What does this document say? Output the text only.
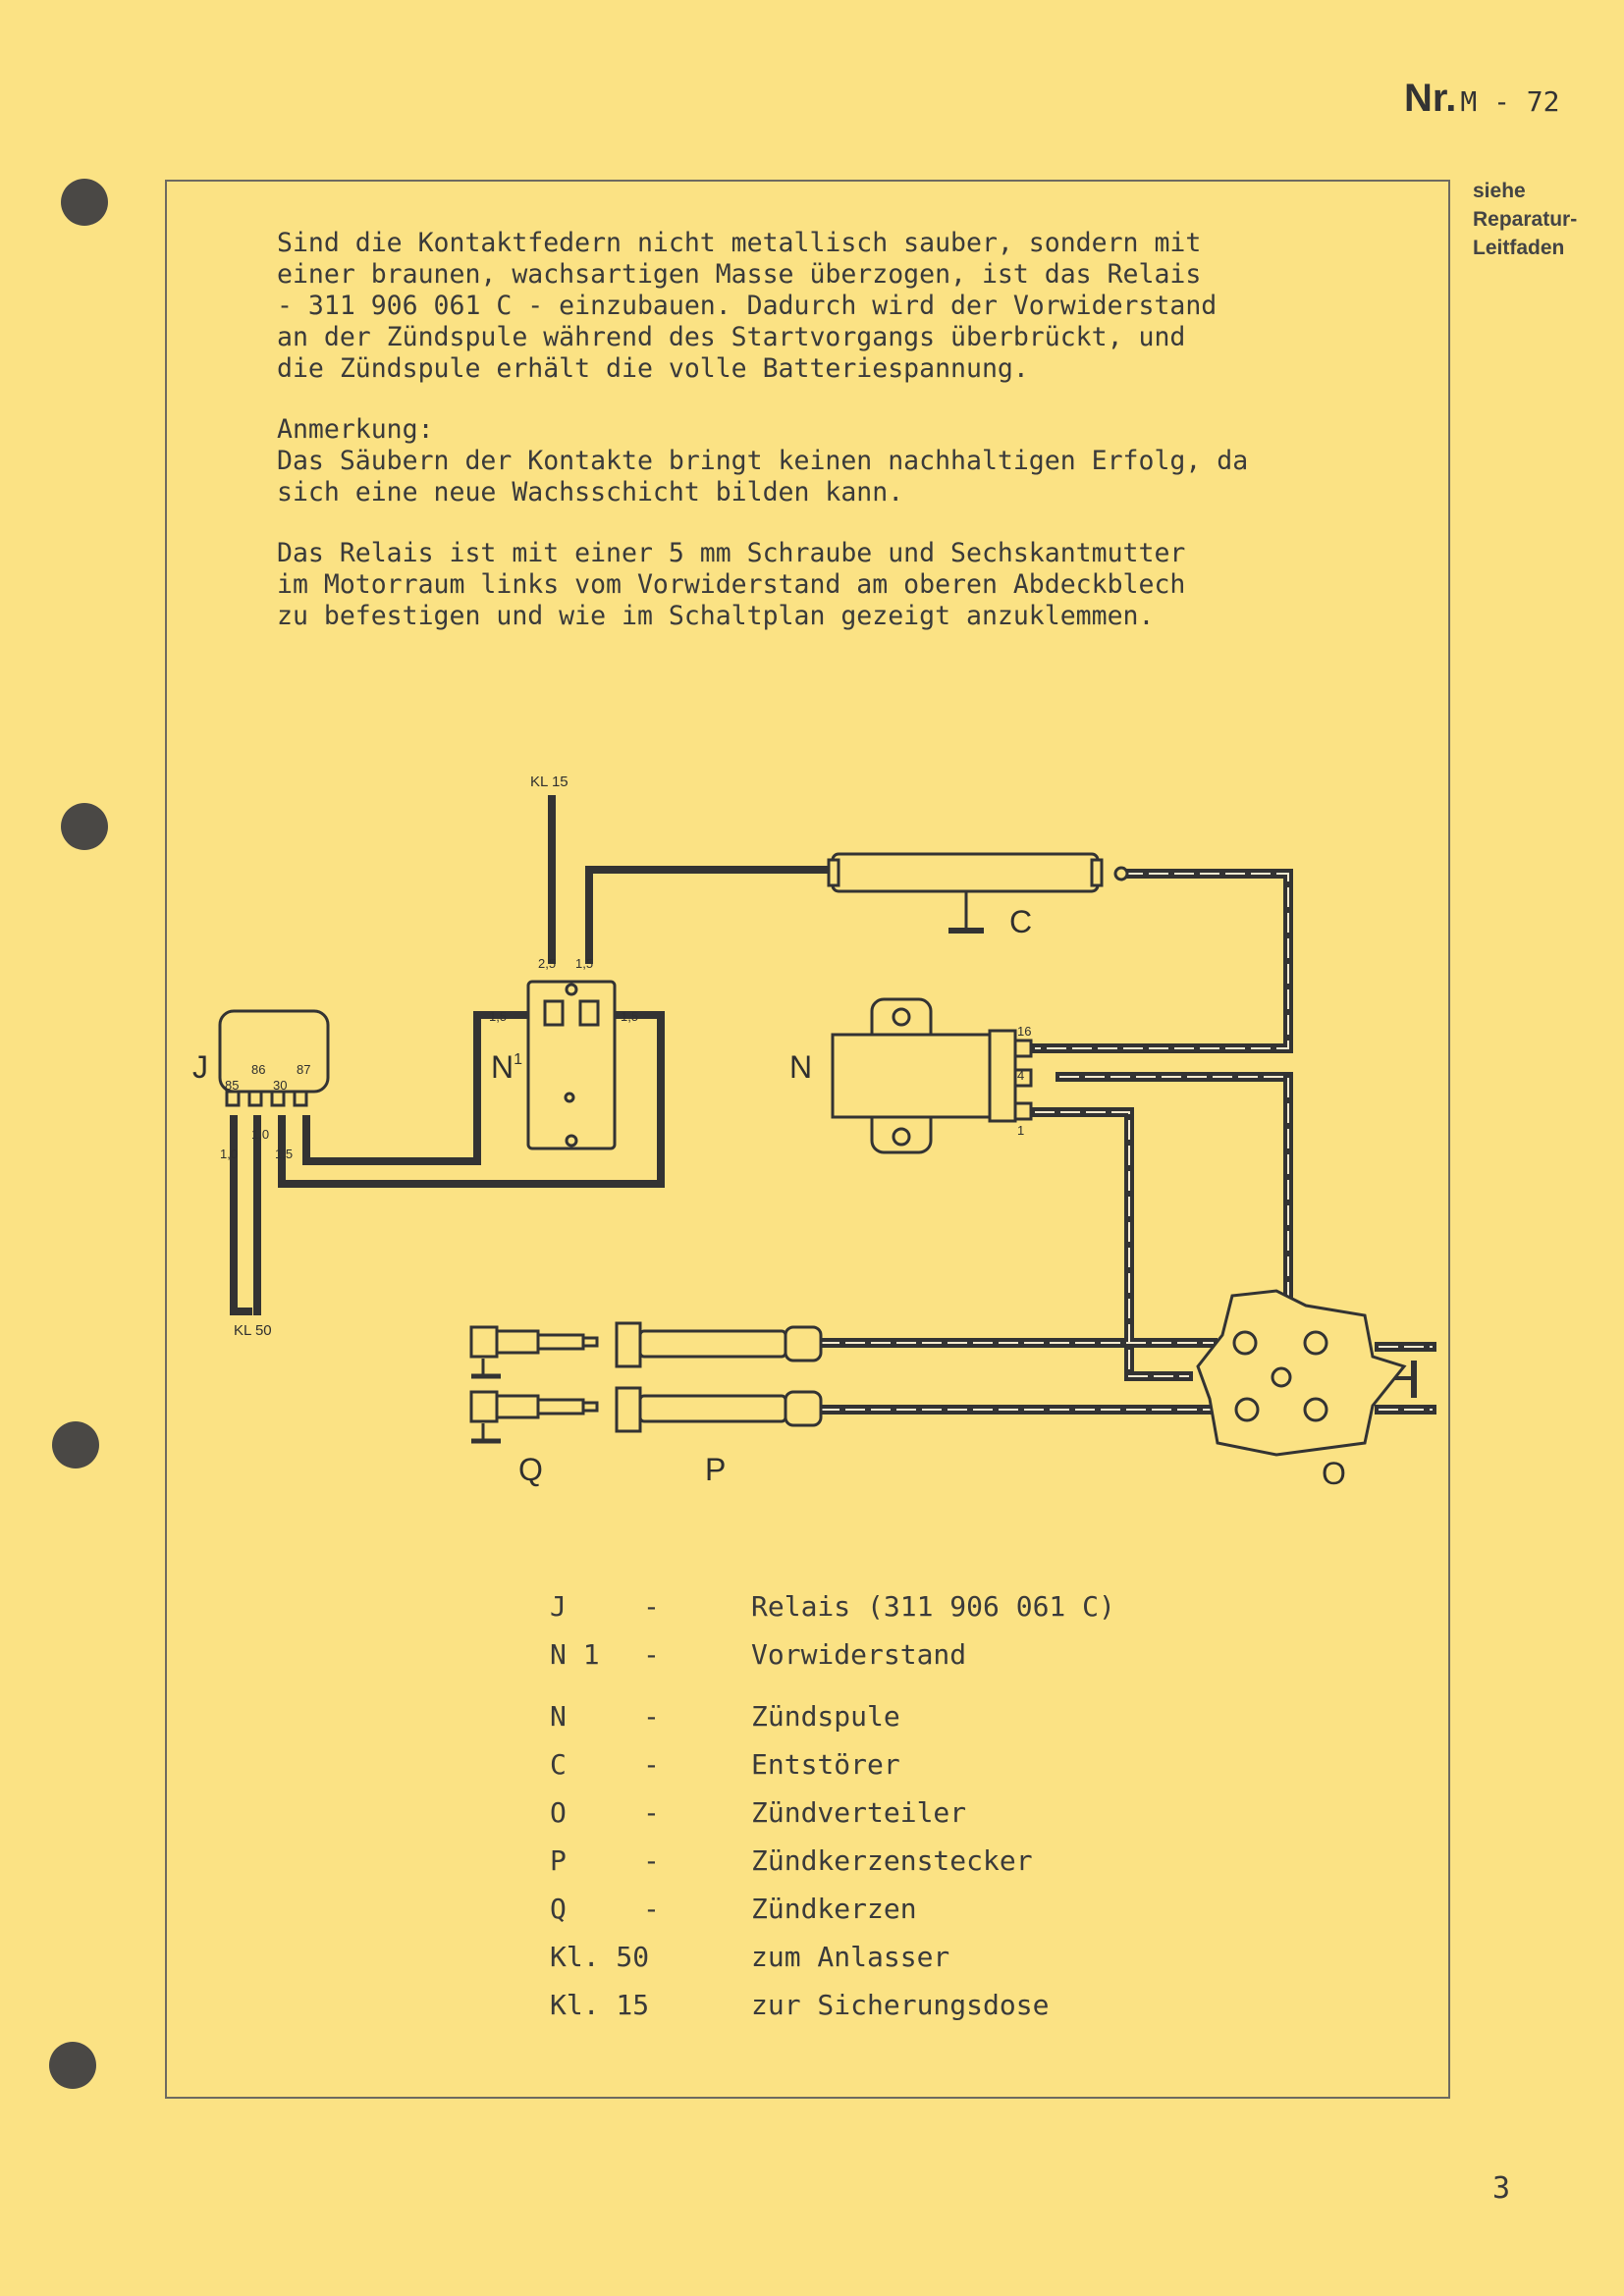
Nr. M - 72
siehe
Reparatur-
Leitfaden

Sind die Kontaktfedern nicht metallisch sauber, sondern mit
einer braunen, wachsartigen Masse überzogen, ist das Relais
- 311 906 061 C - einzubauen. Dadurch wird der Vorwiderstand
an der Zündspule während des Startvorgangs überbrückt, und
die Zündspule erhält die volle Batteriespannung.

Anmerkung:
Das Säubern der Kontakte bringt keinen nachhaltigen Erfolg, da
sich eine neue Wachsschicht bilden kann.

Das Relais ist mit einer 5 mm Schraube und Sechskantmutter
im Motorraum links vom Vorwiderstand am oberen Abdeckblech
zu befestigen und wie im Schaltplan gezeigt anzuklemmen.

KL 15
KL 50
J	$N^1$	N
C
Q	P	O
85
86
30
87
2,5 1,5
1,5	1,5
1,0
1,0
1,5
16
4
1
J	-	Relais (311 906 061 C)
N 1	-	Vorwiderstand
N	-	Zündspule
C	-	Entstörer
O	-	Zündverteiler
P	-	Zündkerzenstecker
Q	-	Zündkerzen
Kl. 50	zum Anlasser
Kl. 15	zur Sicherungsdose
3
